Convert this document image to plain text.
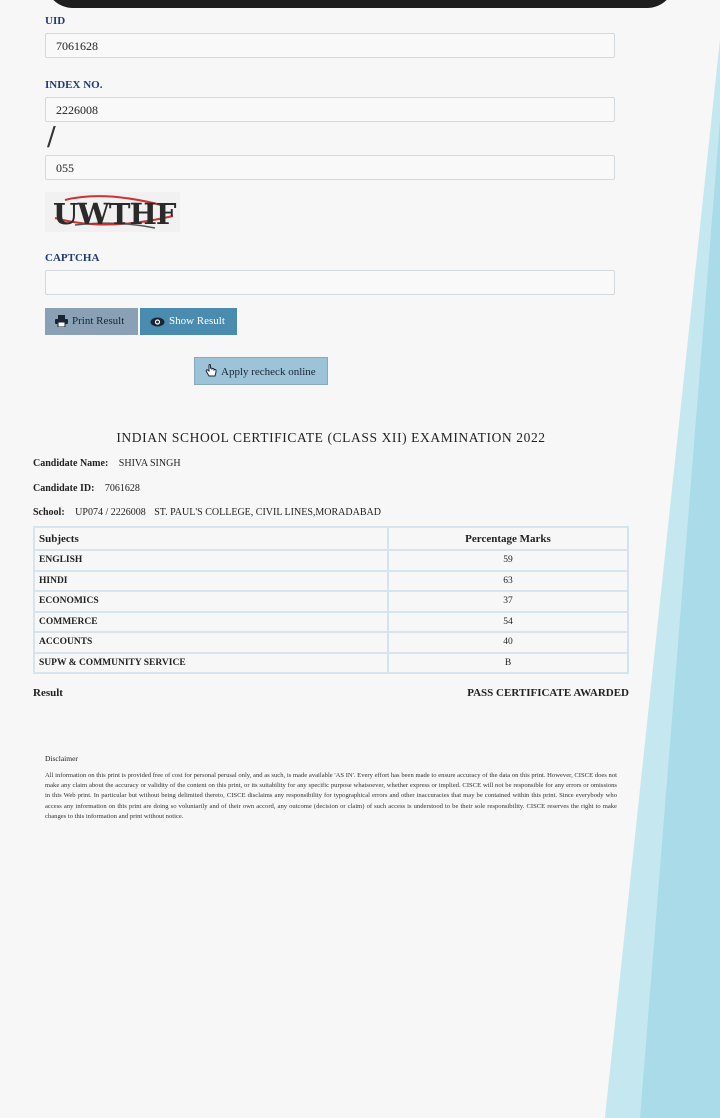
UID
7061628
INDEX NO.
2226008
/
055
UWTHF
CAPTCHA
Print Result	Show Result
Apply recheck online
INDIAN SCHOOL CERTIFICATE (CLASS XII) EXAMINATION 2022
Candidate Name: SHIVA SINGH
Candidate ID: 7061628
School: UP074 / 2226008 ST. PAUL'S COLLEGE, CIVIL LINES,MORADABAD
Subjects	Percentage Marks
ENGLISH	59
HINDI	63
ECONOMICS	37
COMMERCE	54
ACCOUNTS	40
SUPW & COMMUNITY SERVICE	B
Result	PASS CERTIFICATE AWARDED
Disclaimer
All information on this print is provided free of cost for personal perusal only, and as such, is made available 'AS IN'. Every effort has been made to ensure accuracy of the data on this print. However, CISCE does not make any claim about the accuracy or validity of the content on this print, or its suitability for any specific purpose whatsoever, whether express or implied. CISCE will not be responsible for any errors or omissions in this Web print. In particular but without being delimited thereto, CISCE disclaims any responsibility for typographical errors and other inaccuracies that may be contained within this print. Since everybody who access any information on this print are doing so voluntarily and of their own accord, any outcome (decision or claim) of such access is understood to be their sole responsibility. CISCE reserves the right to make changes to this information and print without notice.
